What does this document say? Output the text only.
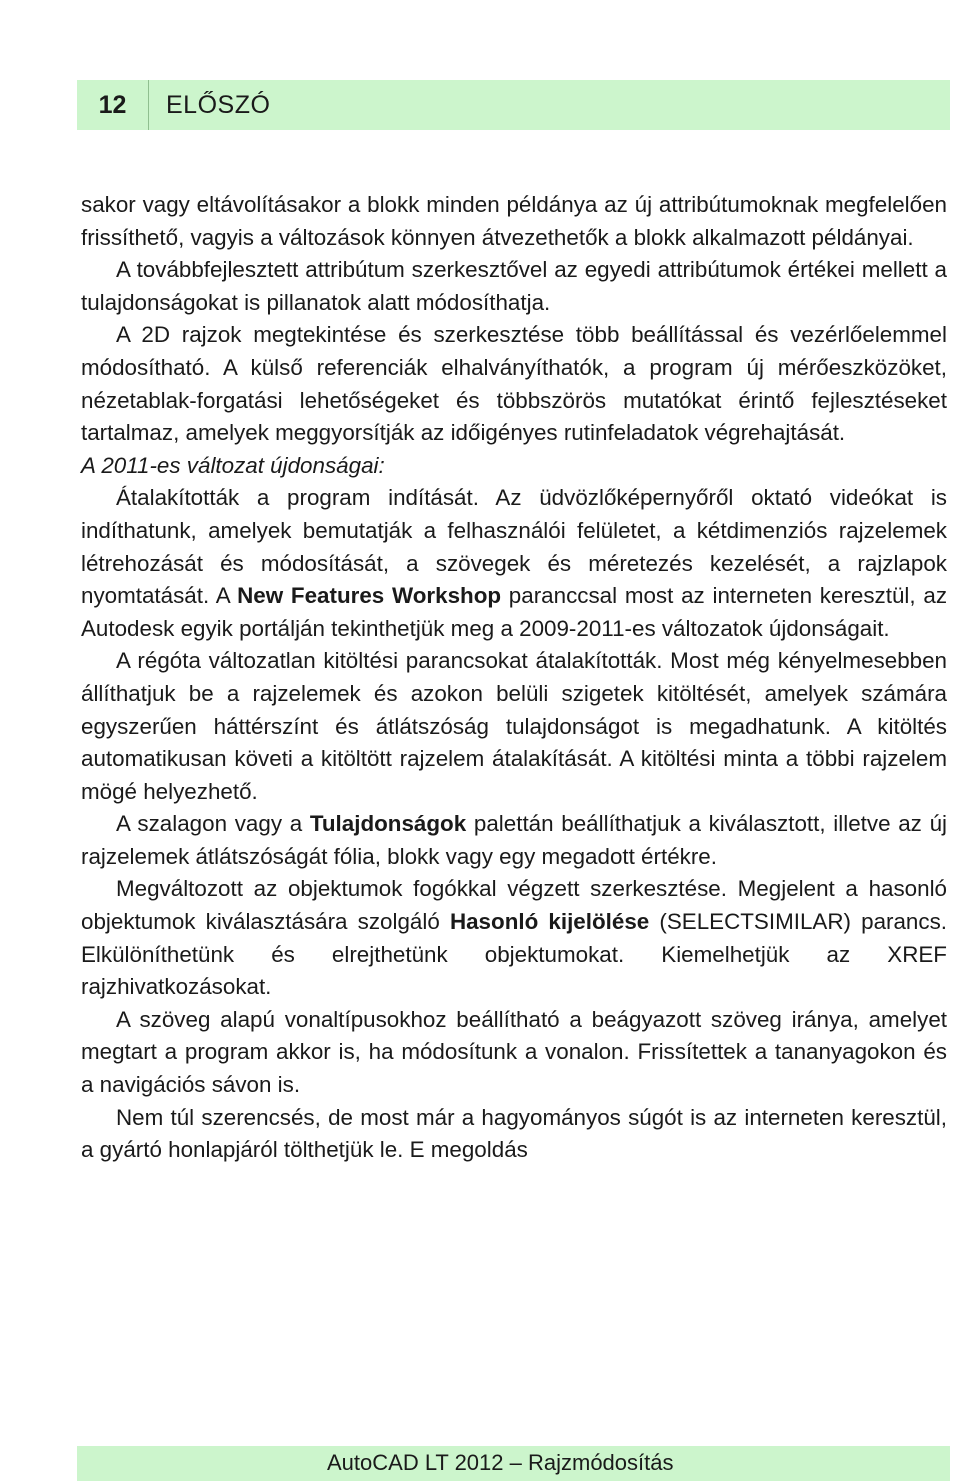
12	ELŐSZÓ

sakor vagy eltávolításakor a blokk minden példánya az új attribútumoknak megfelelően frissíthető, vagyis a változások könnyen átvezethetők a blokk alkalmazott példányai.

A továbbfejlesztett attribútum szerkesztővel az egyedi attribútumok értékei mellett a tulajdonságokat is pillanatok alatt módosíthatja.

A 2D rajzok megtekintése és szerkesztése több beállítással és vezérlőelemmel módosítható. A külső referenciák elhalványíthatók, a program új mérőeszközöket, nézetablak-forgatási lehetőségeket és többszörös mutatókat érintő fejlesztéseket tartalmaz, amelyek meggyorsítják az időigényes rutinfeladatok végrehajtását.

A 2011-es változat újdonságai:

Átalakították a program indítását. Az üdvözlőképernyőről oktató videókat is indíthatunk, amelyek bemutatják a felhasználói felületet, a kétdimenziós rajzelemek létrehozását és módosítását, a szövegek és méretezés kezelését, a rajzlapok nyomtatását. A New Features Workshop paranccsal most az interneten keresztül, az Autodesk egyik portálján tekinthetjük meg a 2009-2011-es változatok újdonságait.

A régóta változatlan kitöltési parancsokat átalakították. Most még kényelmesebben állíthatjuk be a rajzelemek és azokon belüli szigetek kitöltését, amelyek számára egyszerűen háttérszínt és átlátszóság tulajdonságot is megadhatunk. A kitöltés automatikusan követi a kitöltött rajzelem átalakítását. A kitöltési minta a többi rajzelem mögé helyezhető.

A szalagon vagy a Tulajdonságok palettán beállíthatjuk a kiválasztott, illetve az új rajzelemek átlátszóságát fólia, blokk vagy egy megadott értékre.

Megváltozott az objektumok fogókkal végzett szerkesztése. Megjelent a hasonló objektumok kiválasztására szolgáló Hasonló kijelölése (SELECTSIMILAR) parancs. Elkülöníthetünk és elrejthetünk objektumokat. Kiemelhetjük az XREF rajzhivatkozásokat.

A szöveg alapú vonaltípusokhoz beállítható a beágyazott szöveg iránya, amelyet megtart a program akkor is, ha módosítunk a vonalon. Frissítettek a tananyagokon és a navigációs sávon is.

Nem túl szerencsés, de most már a hagyományos súgót is az interneten keresztül, a gyártó honlapjáról tölthetjük le. E megoldás

AutoCAD LT 2012 – Rajzmódosítás
